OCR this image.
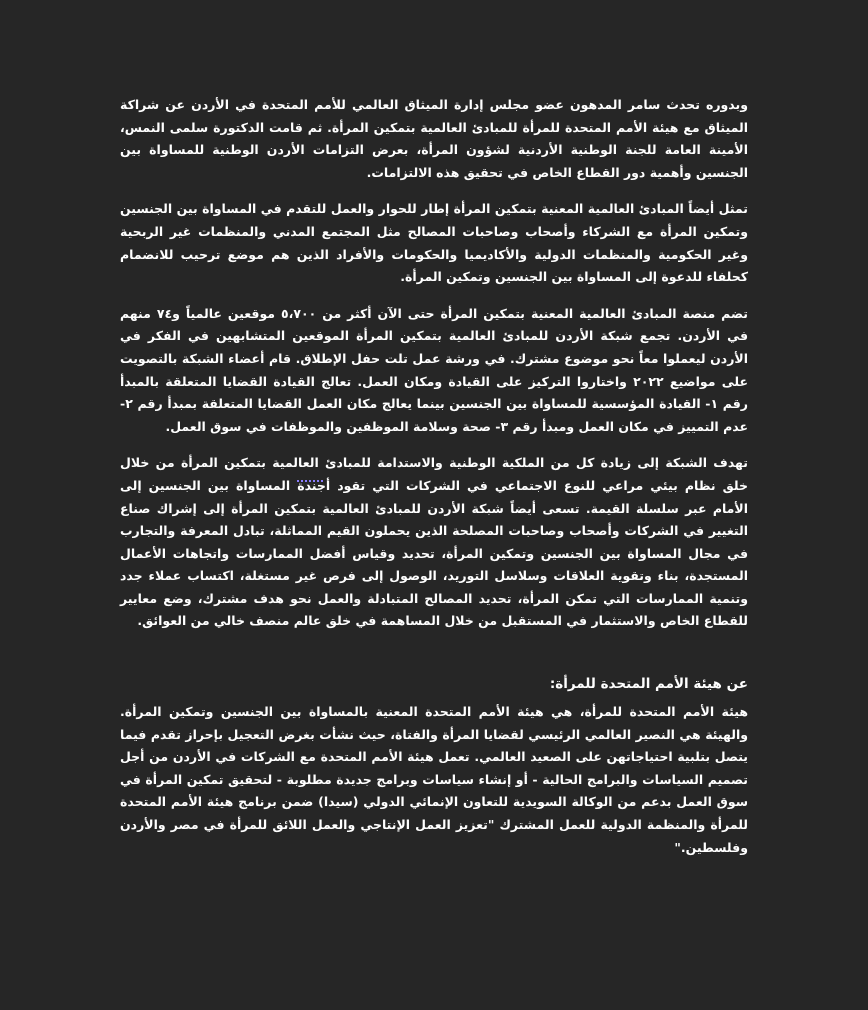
وبدوره تحدث سامر المدهون عضو مجلس إدارة الميثاق العالمي للأمم المتحدة في الأردن عن شراكة الميثاق مع هيئة الأمم المتحدة للمرأة للمبادئ العالمية بتمكين المرأة. ثم قامت الدكتورة سلمى النمس، الأمينة العامة للجنة الوطنية الأردنية لشؤون المرأة، بعرض التزامات الأردن الوطنية للمساواة بين الجنسين وأهمية دور القطاع الخاص في تحقيق هذه الالتزامات.

تمثل أيضاً المبادئ العالمية المعنية بتمكين المرأة إطار للحوار والعمل للتقدم في المساواة بين الجنسين وتمكين المرأة مع الشركاء وأصحاب وصاحبات المصالح مثل المجتمع المدني والمنظمات غير الربحية وغير الحكومية والمنظمات الدولية والأكاديميا والحكومات والأفراد الذين هم موضع ترحيب للانضمام كحلفاء للدعوة إلى المساواة بين الجنسين وتمكين المرأة.

تضم منصة المبادئ العالمية المعنية بتمكين المرأة حتى الآن أكثر من ٥،٧٠٠ موقعين عالمياً و٧٤ منهم في الأردن. تجمع شبكة الأردن للمبادئ العالمية بتمكين المرأة الموقعين المتشابهين في الفكر في الأردن ليعملوا معاً نحو موضوع مشترك. في ورشة عمل تلت حفل الإطلاق. قام أعضاء الشبكة بالتصويت على مواضيع ٢٠٢٢ واختاروا التركيز على القيادة ومكان العمل. تعالج القيادة القضايا المتعلقة بالمبدأ رقم ١- القيادة المؤسسية للمساواة بين الجنسين بينما يعالج مكان العمل القضايا المتعلقة بمبدأ رقم ٢- عدم التمييز في مكان العمل ومبدأ رقم ٣- صحة وسلامة الموظفين والموظفات في سوق العمل.

تهدف الشبكة إلى زيادة كل من الملكية الوطنية والاستدامة للمبادئ العالمية بتمكين المرأة من خلال خلق نظام بيئي مراعي للنوع الاجتماعي في الشركات التي تقود أجندة المساواة بين الجنسين إلى الأمام عبر سلسلة القيمة. تسعى أيضاً شبكة الأردن للمبادئ العالمية بتمكين المرأة إلى إشراك صناع التغيير في الشركات وأصحاب وصاحبات المصلحة الذين يحملون القيم المماثلة، تبادل المعرفة والتجارب في مجال المساواة بين الجنسين وتمكين المرأة، تحديد وقياس أفضل الممارسات واتجاهات الأعمال المستجدة، بناء وتقوية العلاقات وسلاسل التوريد، الوصول إلى فرص غير مستغلة، اكتساب عملاء جدد وتنمية الممارسات التي تمكن المرأة، تحديد المصالح المتبادلة والعمل نحو هدف مشترك، وضع معايير للقطاع الخاص والاستثمار في المستقبل من خلال المساهمة في خلق عالم منصف خالي من العوائق.

عن هيئة الأمم المتحدة للمرأة:

هيئة الأمم المتحدة للمرأة، هي هيئة الأمم المتحدة المعنية بالمساواة بين الجنسين وتمكين المرأة. والهيئة هي النصير العالمي الرئيسي لقضايا المرأة والفتاة، حيث نشأت بغرض التعجيل بإحراز تقدم فيما يتصل بتلبية احتياجاتهن على الصعيد العالمي. تعمل هيئة الأمم المتحدة مع الشركات في الأردن من أجل تصميم السياسات والبرامج الحالية - أو إنشاء سياسات وبرامج جديدة مطلوبة - لتحقيق تمكين المرأة في سوق العمل بدعم من الوكالة السويدية للتعاون الإنمائي الدولي (سيدا) ضمن برنامج هيئة الأمم المتحدة للمرأة والمنظمة الدولية للعمل المشترك "تعزيز العمل الإنتاجي والعمل اللائق للمرأة في مصر والأردن وفلسطين."
